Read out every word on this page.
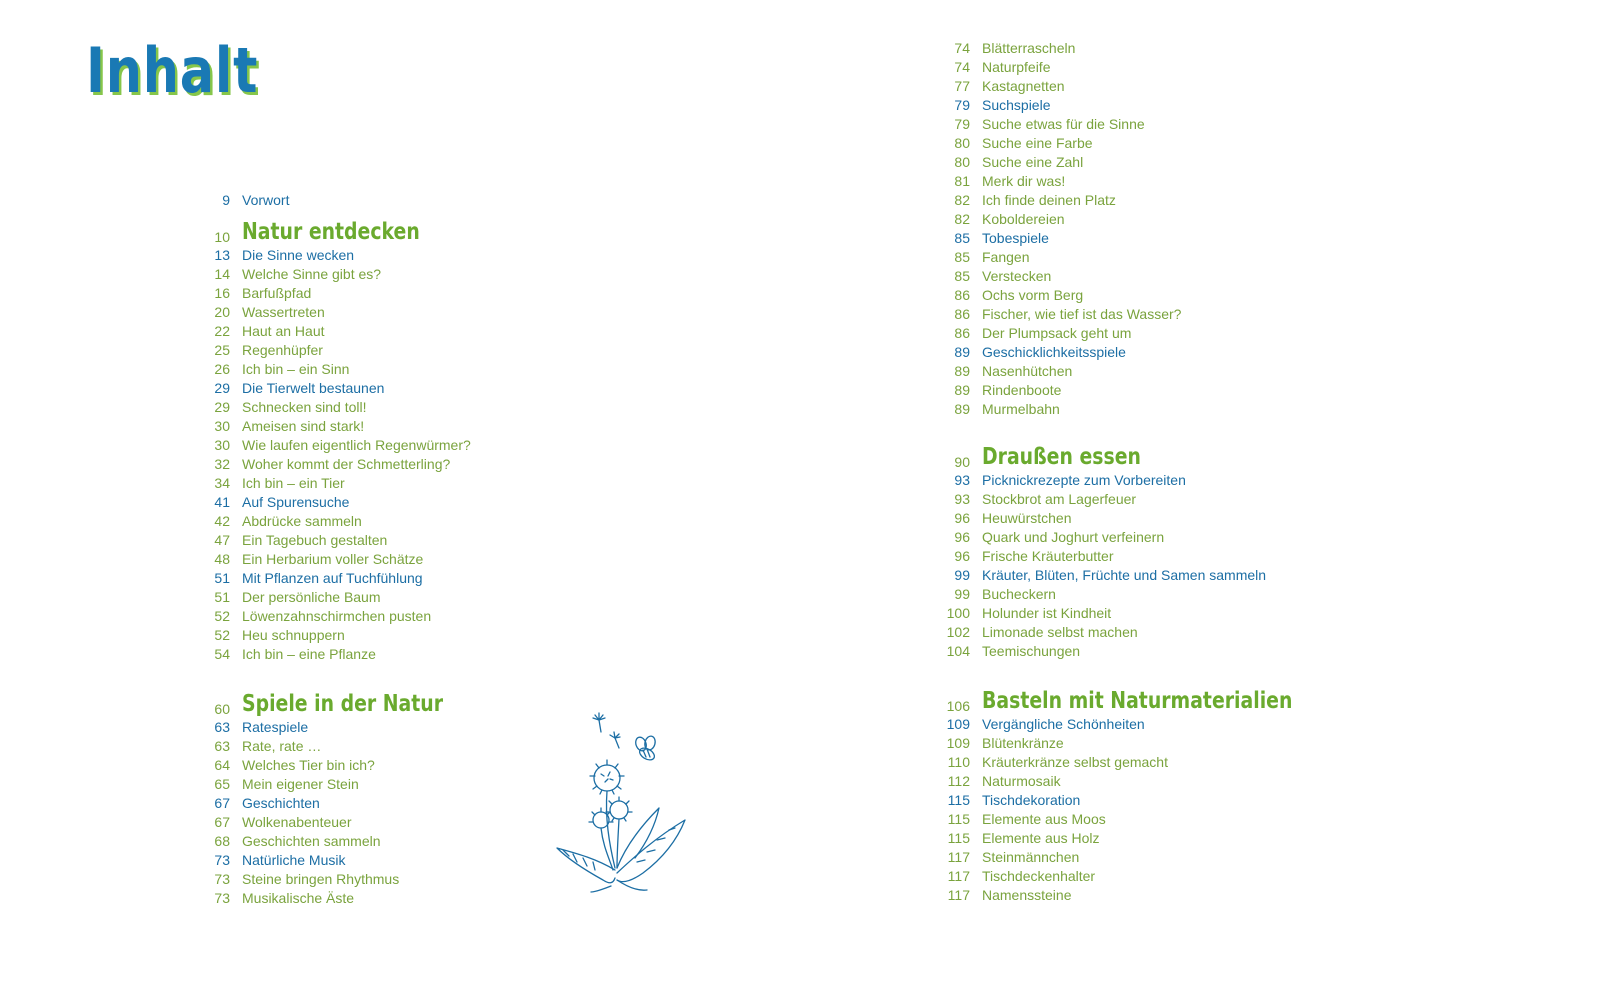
Inhalt
9 Vorwort
10 Natur entdecken
13 Die Sinne wecken
14 Welche Sinne gibt es?
16 Barfußpfad
20 Wassertreten
22 Haut an Haut
25 Regenhüpfer
26 Ich bin – ein Sinn
29 Die Tierwelt bestaunen
29 Schnecken sind toll!
30 Ameisen sind stark!
30 Wie laufen eigentlich Regenwürmer?
32 Woher kommt der Schmetterling?
34 Ich bin – ein Tier
41 Auf Spurensuche
42 Abdrücke sammeln
47 Ein Tagebuch gestalten
48 Ein Herbarium voller Schätze
51 Mit Pflanzen auf Tuchfühlung
51 Der persönliche Baum
52 Löwenzahnschirmchen pusten
52 Heu schnuppern
54 Ich bin – eine Pflanze
60 Spiele in der Natur
63 Ratespiele
63 Rate, rate …
64 Welches Tier bin ich?
65 Mein eigener Stein
67 Geschichten
67 Wolkenabenteuer
68 Geschichten sammeln
73 Natürliche Musik
73 Steine bringen Rhythmus
73 Musikalische Äste
74 Blätterrascheln
74 Naturpfeife
77 Kastagnetten
79 Suchspiele
79 Suche etwas für die Sinne
80 Suche eine Farbe
80 Suche eine Zahl
81 Merk dir was!
82 Ich finde deinen Platz
82 Koboldereien
85 Tobespiele
85 Fangen
85 Verstecken
86 Ochs vorm Berg
86 Fischer, wie tief ist das Wasser?
86 Der Plumpsack geht um
89 Geschicklichkeitsspiele
89 Nasenhütchen
89 Rindenboote
89 Murmelbahn
90 Draußen essen
93 Picknickrezepte zum Vorbereiten
93 Stockbrot am Lagerfeuer
96 Heuwürstchen
96 Quark und Joghurt verfeinern
96 Frische Kräuterbutter
99 Kräuter, Blüten, Früchte und Samen sammeln
99 Bucheckern
100 Holunder ist Kindheit
102 Limonade selbst machen
104 Teemischungen
106 Basteln mit Naturmaterialien
109 Vergängliche Schönheiten
109 Blütenkränze
110 Kräuterkränze selbst gemacht
112 Naturmosaik
115 Tischdekoration
115 Elemente aus Moos
115 Elemente aus Holz
117 Steinmännchen
117 Tischdeckenhalter
117 Namenssteine
